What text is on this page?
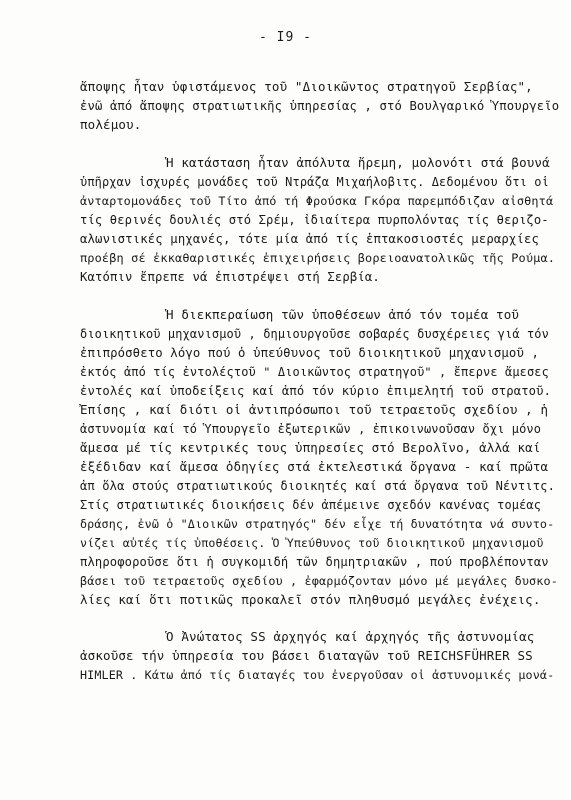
- I9 -
ἄποψης ἦταν ὑφιστάμενος τοῦ "Διοικῶντος στρατηγοῦ Σερβίας",
ἐνῶ ἀπό ἄποψης στρατιωτικῆς ὑπηρεσίας , στό Βουλγαρικό Ὑπουργεῖο
πολέμου.
Ἡ κατάσταση ἦταν ἀπόλυτα ἤρεμη, μολονότι στά βουνά
ὑπῆρχαν ἰσχυρές μονάδες τοῦ Ντράζα Μιχαήλοβιτς. Δεδομένου ὅτι οἱ
ἀνταρτομονάδες τοῦ Τίτο ἀπό τή Φρούσκα Γκόρα παρεμπόδιζαν αἰσθητά
τίς θερινές δουλιές στό Σρέμ, ἰδιαίτερα πυρπολόντας τίς θεριζο-
αλωνιστικές μηχανές, τότε μία ἀπό τίς ἑπτακοσιοστές μεραρχίες
προέβη σέ ἐκκαθαριστικές ἐπιχειρήσεις βορειοανατολικῶς τῆς Ρούμα.
Κατόπιν ἔπρεπε νά ἐπιστρέψει στή Σερβία.
Ἡ διεκπεραίωση τῶν ὑποθέσεων ἀπό τόν τομέα τοῦ
διοικητικοῦ μηχανισμοῦ , δημιουργοῦσε σοβαρές δυσχέρειες γιά τόν
ἐπιπρόσθετο λόγο πού ὁ ὑπεύθυνος τοῦ διοικητικοῦ μηχανισμοῦ ,
ἐκτός ἀπό τίς ἐντολέςτοῦ " Διοικῶντος στρατηγοῦ" , ἔπερνε ἄμεσες
ἐντολές καί ὑποδείξεις καί ἀπό τόν κύριο ἐπιμελητή τοῦ στρατοῦ.
Ἐπίσης , καί διότι οἱ ἀντιπρόσωποι τοῦ τετραετοῦς σχεδίου , ἡ
ἀστυνομία καί τό Ὑπουργεῖο ἐξωτερικῶν , ἐπικοινωνοῦσαν ὄχι μόνο
ἄμεσα μέ τίς κεντρικές τους ὑπηρεσίες στό Βερολῖνο, ἀλλά καί
ἐξέδιδαν καί ἄμεσα ὁδηγίες στά ἐκτελεστικά ὄργανα - καί πρῶτα
ἀπ ὅλα στούς στρατιωτικούς διοικητές καί στά ὄργανα τοῦ Νέντιτς.
Στίς στρατιωτικές διοικήσεις δέν ἀπέμεινε σχεδόν κανένας τομέας
δράσης, ἐνῶ ὁ "Διοικῶν στρατηγός" δέν εἶχε τή δυνατότητα νά συντο-
νίζει αὐτές τίς ὑποθέσεις. Ὁ Ὑπεύθυνος τοῦ διοικητικοῦ μηχανισμοῦ
πληροφοροῦσε ὅτι ἡ συγκομιδή τῶν δημητριακῶν , πού προβλέπονταν
βάσει τοῦ τετραετοῦς σχεδίου , ἐφαρμόζονταν μόνο μέ μεγάλες δυσκο-
λίες καί ὅτι ποτικῶς προκαλεῖ στόν πληθυσμό μεγάλες ἐνέχεις.
Ὁ Ἀνώτατος SS ἀρχηγός καί ἀρχηγός τῆς ἀστυνομίας
ἀσκοῦσε τήν ὑπηρεσία του βάσει διαταγῶν τοῦ REICHSFÜHRER SS
HIMLER . Κάτω ἀπό τίς διαταγές του ἐνεργοῦσαν οἱ ἀστυνομικές μονά-
